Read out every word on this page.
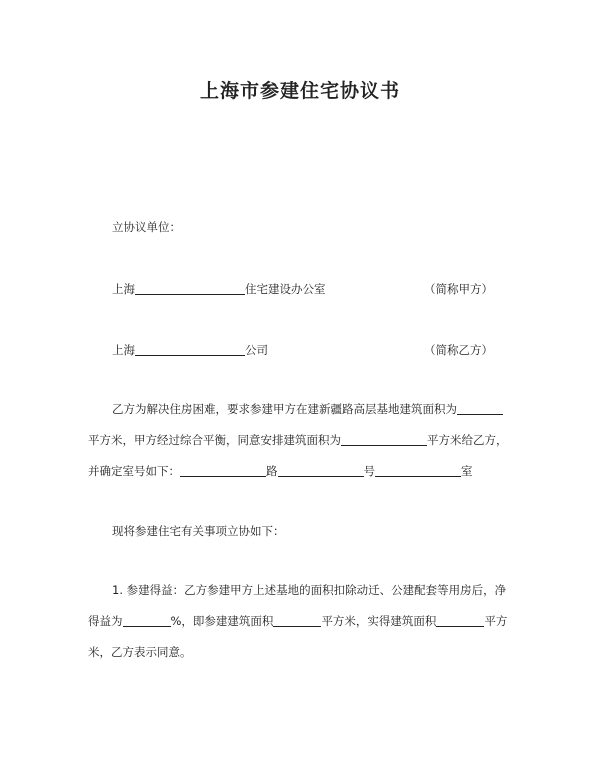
上海市参建住宅协议书
立协议单位：
上海	住宅建设办公室	（简称甲方）
上海	公司	（简称乙方）
乙方为解决住房困难，要求参建甲方在建新疆路高层基地建筑面积为
平方米，甲方经过综合平衡，同意安排建筑面积为	平方米给乙方，
并确定室号如下：	路	号	室
现将参建住宅有关事项立协如下：
1. 参建得益：乙方参建甲方上述基地的面积扣除动迁、公建配套等用房后，净
得益为	%，即参建建筑面积	平方米，实得建筑面积	平方
米，乙方表示同意。
